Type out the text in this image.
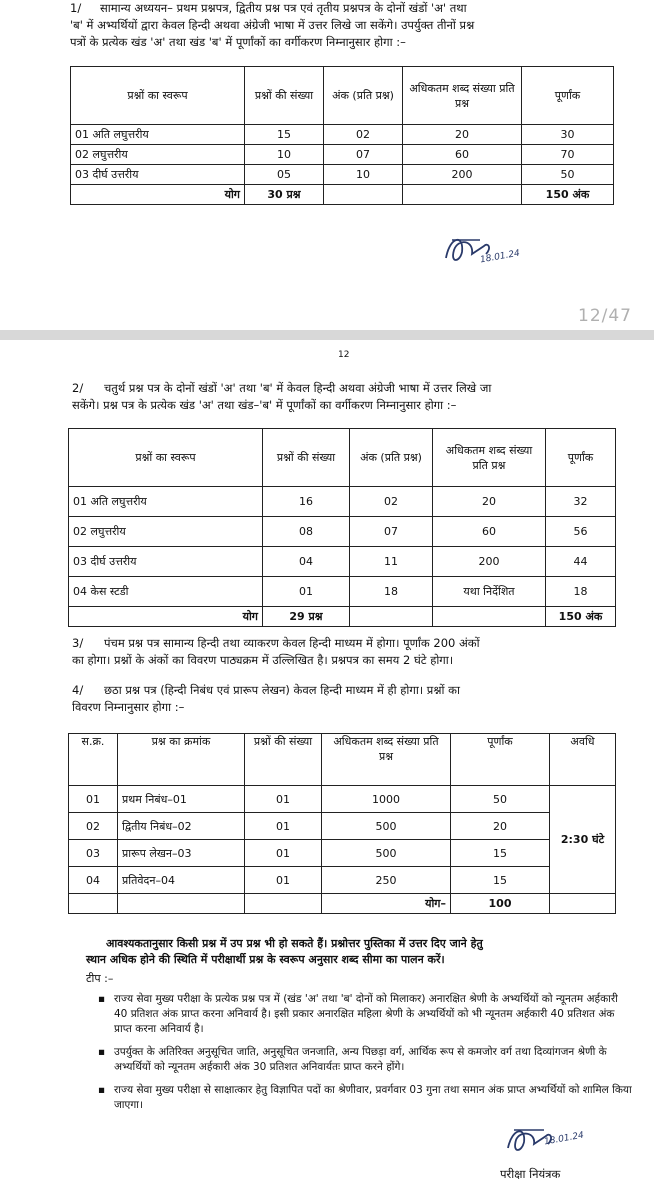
1/ सामान्य अध्ययन– प्रथम प्रश्नपत्र, द्वितीय प्रश्न पत्र एवं तृतीय प्रश्नपत्र के दोनों खंडों 'अ' तथा
'ब' में अभ्यर्थियों द्वारा केवल हिन्दी अथवा अंग्रेजी भाषा में उत्तर लिखे जा सकेंगे। उपर्युक्त तीनों प्रश्न
पत्रों के प्रत्येक खंड 'अ' तथा खंड 'ब' में पूर्णांकों का वर्गीकरण निम्नानुसार होगा :–
प्रश्नों का स्वरूप	प्रश्नों की संख्या	अंक (प्रति प्रश्न)	अधिकतम शब्द संख्या प्रति प्रश्न	पूर्णांक
01 अति लघुत्तरीय	15	02	20	30
02 लघुत्तरीय	10	07	60	70
03 दीर्घ उत्तरीय	05	10	200	50
योग	30 प्रश्न			150 अंक
18.01.24
12/47
12
2/ चतुर्थ प्रश्न पत्र के दोनों खंडों 'अ' तथा 'ब' में केवल हिन्दी अथवा अंग्रेजी भाषा में उत्तर लिखे जा
सकेंगे। प्रश्न पत्र के प्रत्येक खंड 'अ' तथा खंड–'ब' में पूर्णांकों का वर्गीकरण निम्नानुसार होगा :–
प्रश्नों का स्वरूप	प्रश्नों की संख्या	अंक (प्रति प्रश्न)	अधिकतम शब्द संख्या प्रति प्रश्न	पूर्णांक
01 अति लघुत्तरीय	16	02	20	32
02 लघुत्तरीय	08	07	60	56
03 दीर्घ उत्तरीय	04	11	200	44
04 केस स्टडी	01	18	यथा निर्देशित	18
योग	29 प्रश्न			150 अंक
3/ पंचम प्रश्न पत्र सामान्य हिन्दी तथा व्याकरण केवल हिन्दी माध्यम में होगा। पूर्णांक 200 अंकों
का होगा। प्रश्नों के अंकों का विवरण पाठ्यक्रम में उल्लिखित है। प्रश्नपत्र का समय 2 घंटे होगा।
4/ छठा प्रश्न पत्र (हिन्दी निबंध एवं प्रारूप लेखन) केवल हिन्दी माध्यम में ही होगा। प्रश्नों का
विवरण निम्नानुसार होगा :–
स.क्र.	प्रश्न का क्रमांक	प्रश्नों की संख्या	अधिकतम शब्द संख्या प्रति प्रश्न	पूर्णांक	अवधि
01	प्रथम निबंध–01	01	1000	50	2:30 घंटे
02	द्वितीय निबंध–02	01	500	20	
03	प्रारूप लेखन–03	01	500	15	
04	प्रतिवेदन–04	01	250	15	
			योग–	100	
आवश्यकतानुसार किसी प्रश्न में उप प्रश्न भी हो सकते हैं। प्रश्नोत्तर पुस्तिका में उत्तर दिए जाने हेतु
स्थान अधिक होने की स्थिति में परीक्षार्थी प्रश्न के स्वरूप अनुसार शब्द सीमा का पालन करें।
टीप :–
▪ राज्य सेवा मुख्य परीक्षा के प्रत्येक प्रश्न पत्र में (खंड 'अ' तथा 'ब' दोनों को मिलाकर) अनारक्षित श्रेणी के अभ्यर्थियों को न्यूनतम अर्हकारी 40 प्रतिशत अंक प्राप्त करना अनिवार्य है। इसी प्रकार अनारक्षित महिला श्रेणी के अभ्यर्थियों को भी न्यूनतम अर्हकारी 40 प्रतिशत अंक प्राप्त करना अनिवार्य है।
▪ उपर्युक्त के अतिरिक्त अनुसूचित जाति, अनुसूचित जनजाति, अन्य पिछड़ा वर्ग, आर्थिक रूप से कमजोर वर्ग तथा दिव्यांगजन श्रेणी के अभ्यर्थियों को न्यूनतम अर्हकारी अंक 30 प्रतिशत अनिवार्यतः प्राप्त करने होंगे।
▪ राज्य सेवा मुख्य परीक्षा से साक्षात्कार हेतु विज्ञापित पदों का श्रेणीवार, प्रवर्गवार 03 गुना तथा समान अंक प्राप्त अभ्यर्थियों को शामिल किया जाएगा।
18.01.24
परीक्षा नियंत्रक
